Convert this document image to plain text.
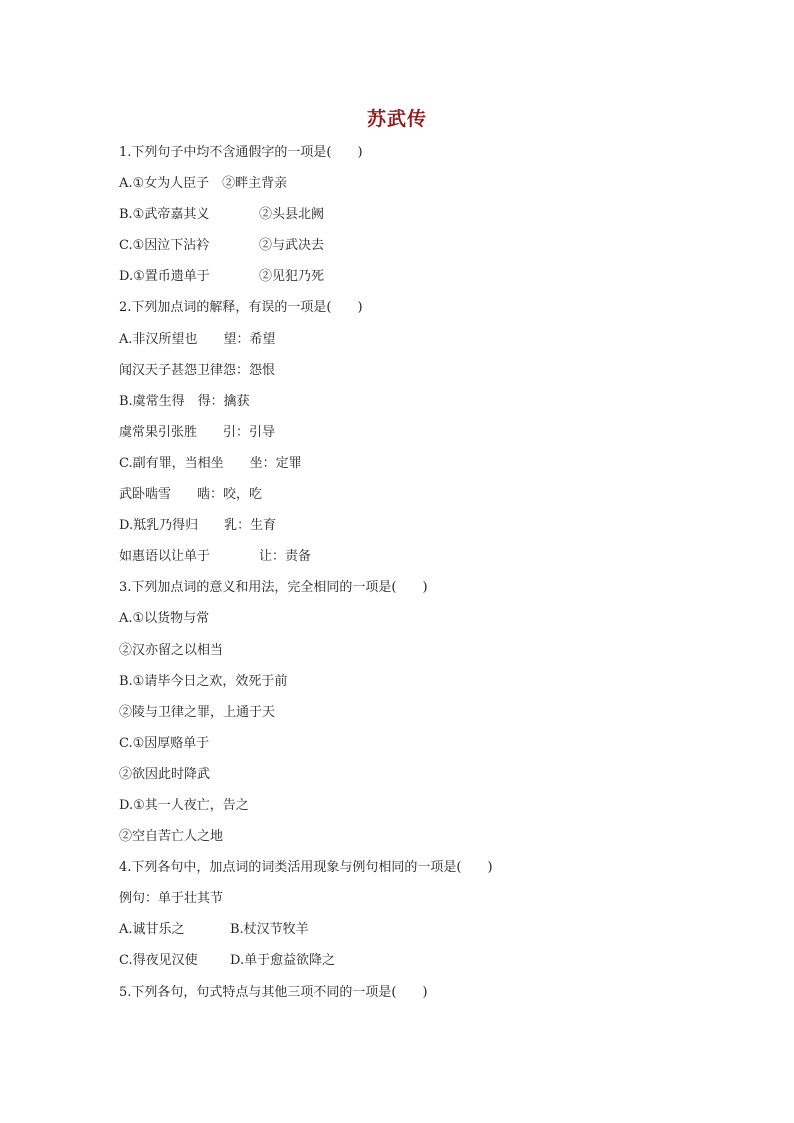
苏武传
1.下列句子中均不含通假字的一项是(　　)
A.①女为人臣子　②畔主背亲
B.①武帝嘉其义	②头县北阙
C.①因泣下沾衿	②与武决去
D.①置币遗单于	②见犯乃死
2.下列加点词的解释，有误的一项是(　　)
A.非汉所望也　　望：希望
闻汉天子甚怨卫律怨：怨恨
B.虞常生得　得：擒获
虞常果引张胜　　引：引导
C.副有罪，当相坐　　坐：定罪
武卧啮雪　　啮：咬，吃
D.羝乳乃得归　　乳：生育
如惠语以让单于	让：责备
3.下列加点词的意义和用法，完全相同的一项是(　　)
A.①以货物与常
②汉亦留之以相当
B.①请毕今日之欢，效死于前
②陵与卫律之罪，上通于天
C.①因厚赂单于
②欲因此时降武
D.①其一人夜亡，告之
②空自苦亡人之地
4.下列各句中，加点词的词类活用现象与例句相同的一项是(　　)
例句：单于壮其节
A.诚甘乐之	B.杖汉节牧羊
C.得夜见汉使 D.单于愈益欲降之
5.下列各句，句式特点与其他三项不同的一项是(　　)
